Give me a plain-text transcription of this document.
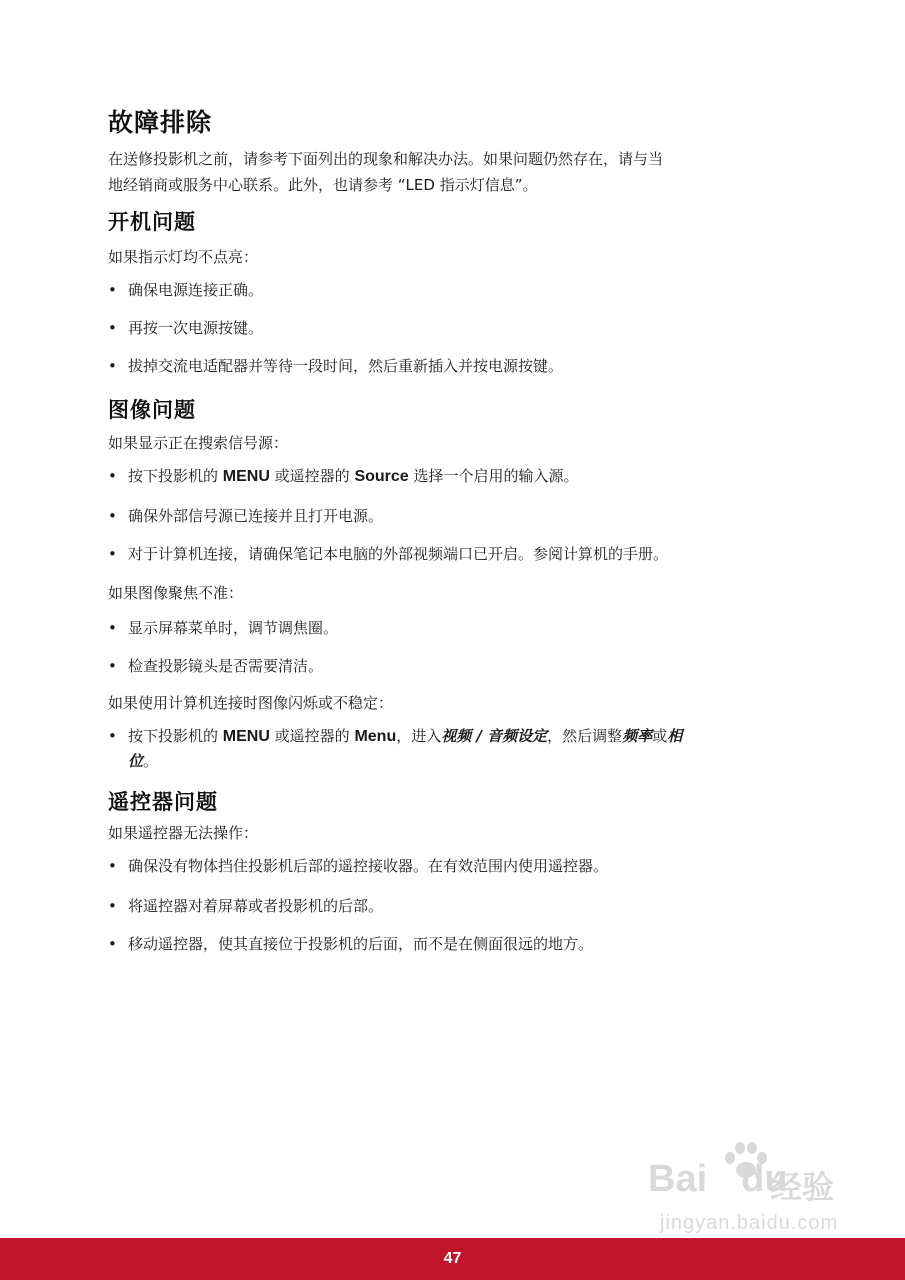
故障排除

在送修投影机之前，请参考下面列出的现象和解决办法。如果问题仍然存在，请与当

地经销商或服务中心联系。此外，也请参考 “LED 指示灯信息”。

开机问题

如果指示灯均不点亮：

• 确保电源连接正确。
• 再按一次电源按键。
• 拔掉交流电适配器并等待一段时间，然后重新插入并按电源按键。
图像问题

如果显示正在搜索信号源：

• 按下投影机的 MENU 或遥控器的 Source 选择一个启用的输入源。
• 确保外部信号源已连接并且打开电源。
• 对于计算机连接，请确保笔记本电脑的外部视频端口已开启。参阅计算机的手册。

如果图像聚焦不准：

• 显示屏幕菜单时，调节调焦圈。
• 检查投影镜头是否需要清洁。

如果使用计算机连接时图像闪烁或不稳定：

• 按下投影机的 MENU 或遥控器的 Menu，进入视频 / 音频设定，然后调整频率或相
位。
遥控器问题

如果遥控器无法操作：

• 确保没有物体挡住投影机后部的遥控接收器。在有效范围内使用遥控器。
• 将遥控器对着屏幕或者投影机的后部。
• 移动遥控器，使其直接位于投影机的后面，而不是在侧面很远的地方。
Bai du
经验
jingyan.baidu.com
47
